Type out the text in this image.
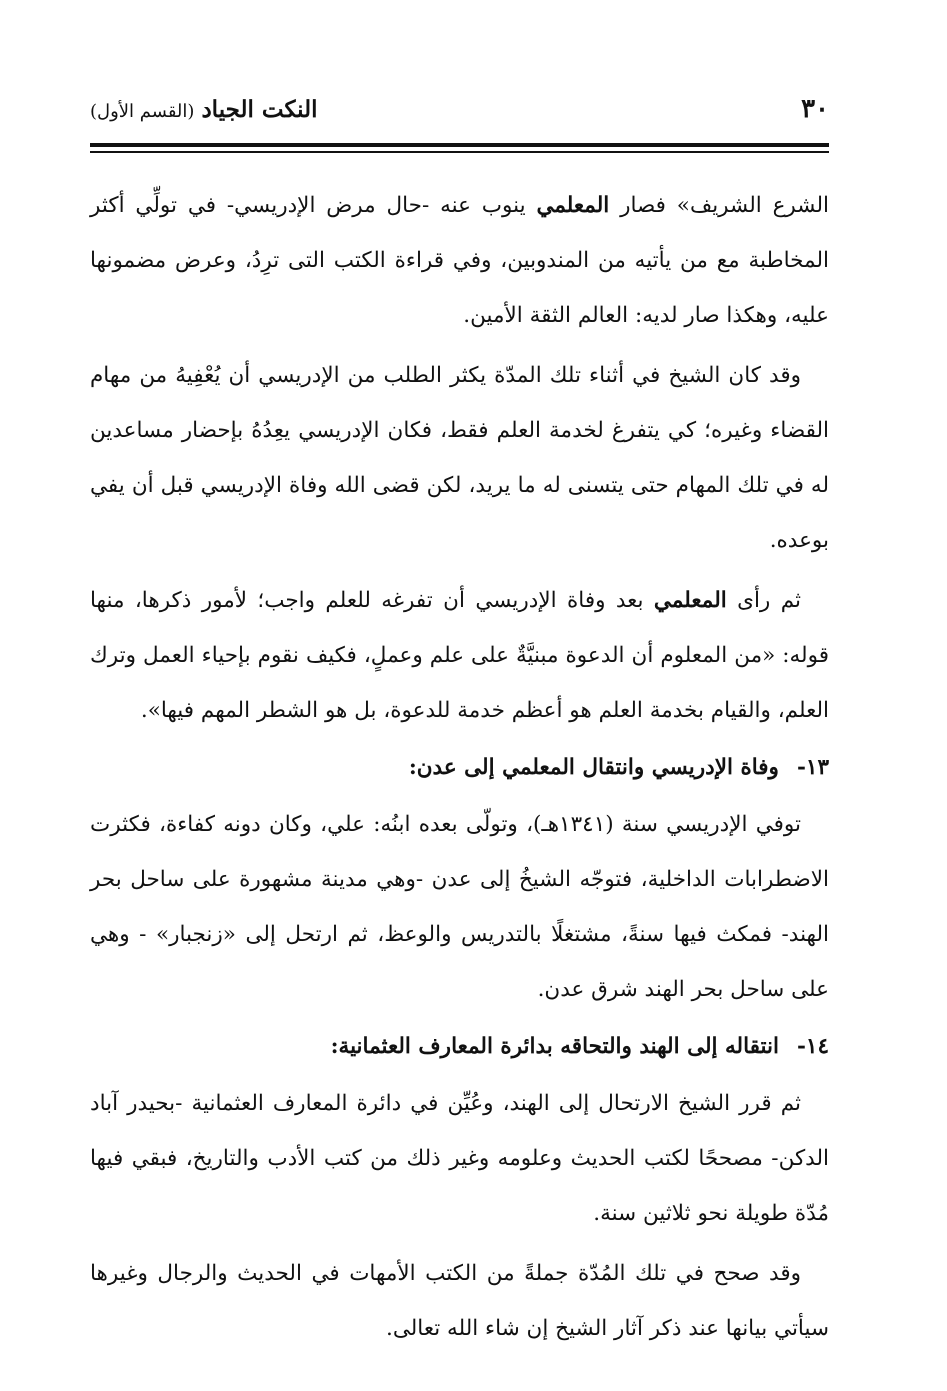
٣٠
النكت الجياد (القسم الأول)

الشرع الشريف» فصار المعلمي ينوب عنه -حال مرض الإدريسي- في تولِّي أكثر المخاطبة مع من يأتيه من المندوبين، وفي قراءة الكتب التى ترِدُ، وعرض مضمونها عليه، وهكذا صار لديه: العالم الثقة الأمين.

وقد كان الشيخ في أثناء تلك المدّة يكثر الطلب من الإدريسي أن يُعْفِيهُ من مهام القضاء وغيره؛ كي يتفرغ لخدمة العلم فقط، فكان الإدريسي يعِدُهُ بإحضار مساعدين له في تلك المهام حتى يتسنى له ما يريد، لكن قضى الله وفاة الإدريسي قبل أن يفي بوعده.

ثم رأى المعلمي بعد وفاة الإدريسي أن تفرغه للعلم واجب؛ لأمور ذكرها، منها قوله: «من المعلوم أن الدعوة مبنيَّةٌ على علم وعملٍ، فكيف نقوم بإحياء العمل وترك العلم، والقيام بخدمة العلم هو أعظم خدمة للدعوة، بل هو الشطر المهم فيها».

١٣-وفاة الإدريسي وانتقال المعلمي إلى عدن:

توفي الإدريسي سنة (١٣٤١هـ)، وتولّى بعده ابنُه: علي، وكان دونه كفاءة، فكثرت الاضطرابات الداخلية، فتوجّه الشيخُ إلى عدن -وهي مدينة مشهورة على ساحل بحر الهند- فمكث فيها سنةً، مشتغلًا بالتدريس والوعظ، ثم ارتحل إلى «زنجبار» - وهي على ساحل بحر الهند شرق عدن.

١٤-انتقاله إلى الهند والتحاقه بدائرة المعارف العثمانية:

ثم قرر الشيخ الارتحال إلى الهند، وعُيِّن في دائرة المعارف العثمانية -بحيدر آباد الدكن- مصححًا لكتب الحديث وعلومه وغير ذلك من كتب الأدب والتاريخ، فبقي فيها مُدّة طويلة نحو ثلاثين سنة.

وقد صحح في تلك المُدّة جملةً من الكتب الأمهات في الحديث والرجال وغيرها سيأتي بيانها عند ذكر آثار الشيخ إن شاء الله تعالى.
